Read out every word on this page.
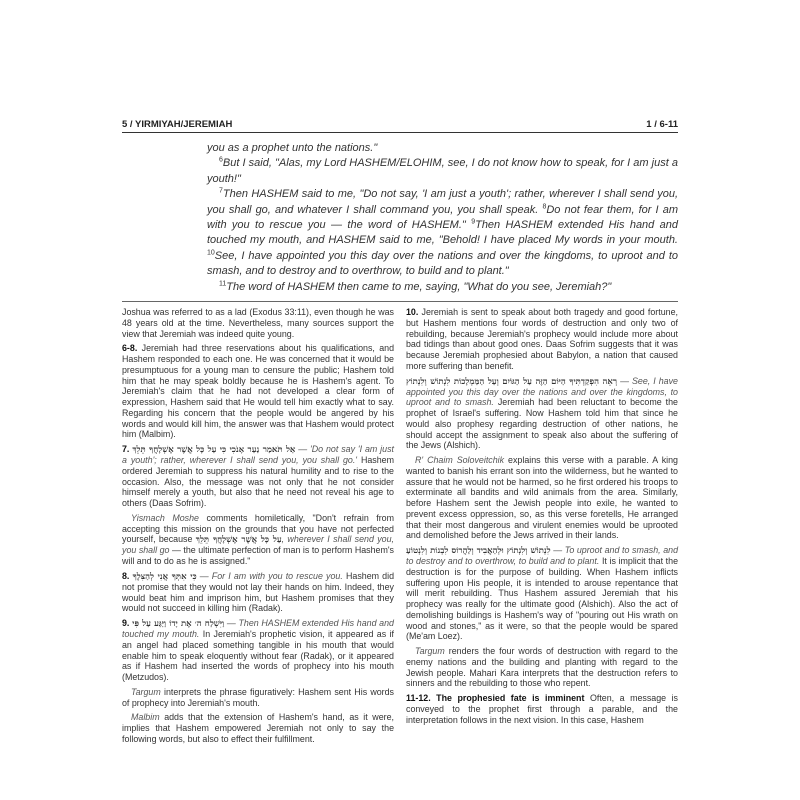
5 / YIRMIYAH/JEREMIAH	1 / 6-11

you as a prophet unto the nations."

$^6$But I said, "Alas, my Lord HASHEM/ELOHIM, see, I do not know how to speak, for I am just a youth!"

$^7$Then HASHEM said to me, "Do not say, 'I am just a youth'; rather, wherever I shall send you, you shall go, and whatever I shall command you, you shall speak. $^8$Do not fear them, for I am with you to rescue you — the word of HASHEM." $^9$Then HASHEM extended His hand and touched my mouth, and HASHEM said to me, "Behold! I have placed My words in your mouth. $^{10}$See, I have appointed you this day over the nations and over the kingdoms, to uproot and to smash, and to destroy and to overthrow, to build and to plant."

$^{11}$The word of HASHEM then came to me, saying, "What do you see, Jeremiah?"

Joshua was referred to as a lad (Exodus 33:11), even though he was 48 years old at the time. Nevertheless, many sources support the view that Jeremiah was indeed quite young.

6-8. Jeremiah had three reservations about his qualifications, and Hashem responded to each one. He was concerned that it would be presumptuous for a young man to censure the public; Hashem told him that he may speak boldly because he is Hashem's agent. To Jeremiah's claim that he had not developed a clear form of expression, Hashem said that He would tell him exactly what to say. Regarding his concern that the people would be angered by his words and would kill him, the answer was that Hashem would protect him (Malbim).

7. אַל תֹּאמַר נַעַר אָנֹכִי כִּי עַל כָּל אֲשֶׁר אֶשְׁלָחֲךָ תֵּלֵךְ — 'Do not say 'I am just a youth'; rather, wherever I shall send you, you shall go.' Hashem ordered Jeremiah to suppress his natural humility and to rise to the occasion. Also, the message was not only that he not consider himself merely a youth, but also that he need not reveal his age to others (Daas Sofrim).

Yismach Moshe comments homiletically, "Don't refrain from accepting this mission on the grounds that you have not perfected yourself, because עַל כָּל אֲשֶׁר אֶשְׁלָחֲךָ תֵּלֵךְ, wherever I shall send you, you shall go — the ultimate perfection of man is to perform Hashem's will and to do as he is assigned."

8. כִּי אִתְּךָ אֲנִי לְהַצִּלֶךָ — For I am with you to rescue you. Hashem did not promise that they would not lay their hands on him. Indeed, they would beat him and imprison him, but Hashem promises that they would not succeed in killing him (Radak).

9. וַיִּשְׁלַח ה׳ אֶת יָדוֹ וַיַּגַּע עַל פִּי — Then HASHEM extended His hand and touched my mouth. In Jeremiah's prophetic vision, it appeared as if an angel had placed something tangible in his mouth that would enable him to speak eloquently without fear (Radak), or it appeared as if Hashem had inserted the words of prophecy into his mouth (Metzudos).

Targum interprets the phrase figuratively: Hashem sent His words of prophecy into Jeremiah's mouth.

Malbim adds that the extension of Hashem's hand, as it were, implies that Hashem empowered Jeremiah not only to say the following words, but also to effect their fulfillment.

10. Jeremiah is sent to speak about both tragedy and good fortune, but Hashem mentions four words of destruction and only two of rebuilding, because Jeremiah's prophecy would include more about bad tidings than about good ones. Daas Sofrim suggests that it was because Jeremiah prophesied about Babylon, a nation that caused more suffering than benefit.

רְאֵה הִפְקַדְתִּיךָ הַיּוֹם הַזֶּה עַל הַגּוֹיִם וְעַל הַמַּמְלָכוֹת לִנְתוֹשׁ וְלִנְתוֹץ — See, I have appointed you this day over the nations and over the kingdoms, to uproot and to smash. Jeremiah had been reluctant to become the prophet of Israel's suffering. Now Hashem told him that since he would also prophesy regarding destruction of other nations, he should accept the assignment to speak also about the suffering of the Jews (Alshich).

R' Chaim Soloveitchik explains this verse with a parable. A king wanted to banish his errant son into the wilderness, but he wanted to assure that he would not be harmed, so he first ordered his troops to exterminate all bandits and wild animals from the area. Similarly, before Hashem sent the Jewish people into exile, he wanted to prevent excess oppression, so, as this verse foretells, He arranged that their most dangerous and virulent enemies would be uprooted and demolished before the Jews arrived in their lands.

לִנְתוֹשׁ וְלִנְתוֹץ וּלְהַאֲבִיד וְלַהֲרוֹס לִבְנוֹת וְלִנְטוֹעַ — To uproot and to smash, and to destroy and to overthrow, to build and to plant. It is implicit that the destruction is for the purpose of building. When Hashem inflicts suffering upon His people, it is intended to arouse repentance that will merit rebuilding. Thus Hashem assured Jeremiah that his prophecy was really for the ultimate good (Alshich). Also the act of demolishing buildings is Hashem's way of "pouring out His wrath on wood and stones," as it were, so that the people would be spared (Me'am Loez).

Targum renders the four words of destruction with regard to the enemy nations and the building and planting with regard to the Jewish people. Mahari Kara interprets that the destruction refers to sinners and the rebuilding to those who repent.

11-12. The prophesied fate is imminent Often, a message is conveyed to the prophet first through a parable, and the interpretation follows in the next vision. In this case, Hashem
